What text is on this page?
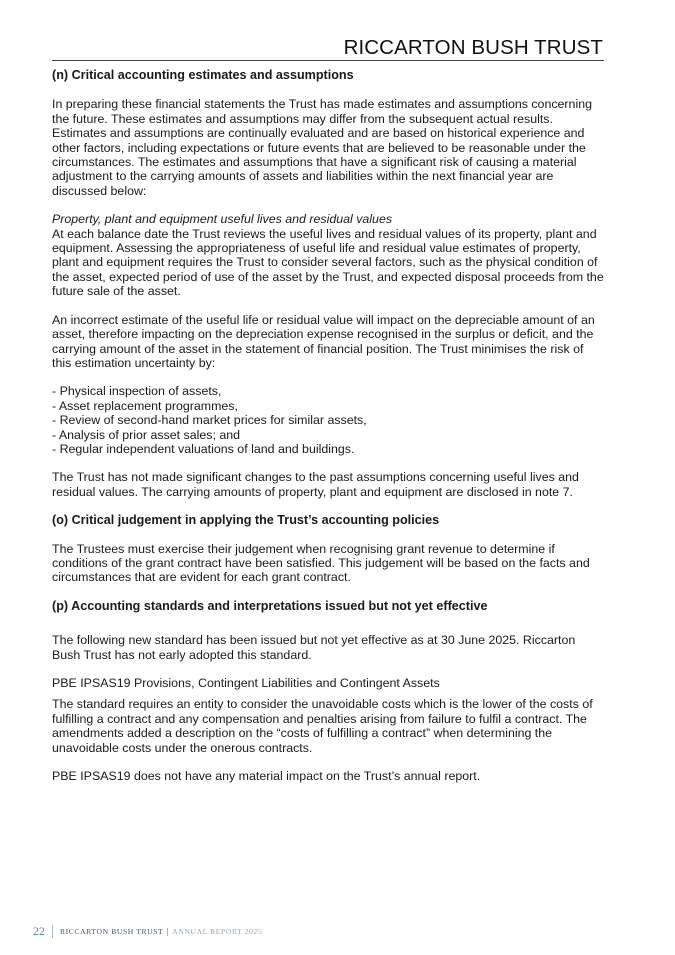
RICCARTON BUSH TRUST

(n) Critical accounting estimates and assumptions

In preparing these financial statements the Trust has made estimates and assumptions concerning the future. These estimates and assumptions may differ from the subsequent actual results. Estimates and assumptions are continually evaluated and are based on historical experience and other factors, including expectations or future events that are believed to be reasonable under the circumstances. The estimates and assumptions that have a significant risk of causing a material adjustment to the carrying amounts of assets and liabilities within the next financial year are discussed below:

Property, plant and equipment useful lives and residual values

At each balance date the Trust reviews the useful lives and residual values of its property, plant and equipment. Assessing the appropriateness of useful life and residual value estimates of property, plant and equipment requires the Trust to consider several factors, such as the physical condition of the asset, expected period of use of the asset by the Trust, and expected disposal proceeds from the future sale of the asset.

An incorrect estimate of the useful life or residual value will impact on the depreciable amount of an asset, therefore impacting on the depreciation expense recognised in the surplus or deficit, and the carrying amount of the asset in the statement of financial position. The Trust minimises the risk of this estimation uncertainty by:

- Physical inspection of assets,
- Asset replacement programmes,
- Review of second-hand market prices for similar assets,
- Analysis of prior asset sales; and
- Regular independent valuations of land and buildings.

The Trust has not made significant changes to the past assumptions concerning useful lives and residual values. The carrying amounts of property, plant and equipment are disclosed in note 7.

(o) Critical judgement in applying the Trust’s accounting policies

The Trustees must exercise their judgement when recognising grant revenue to determine if conditions of the grant contract have been satisfied. This judgement will be based on the facts and circumstances that are evident for each grant contract.

(p) Accounting standards and interpretations issued but not yet effective

The following new standard has been issued but not yet effective as at 30 June 2025. Riccarton Bush Trust has not early adopted this standard.

PBE IPSAS19 Provisions, Contingent Liabilities and Contingent Assets

The standard requires an entity to consider the unavoidable costs which is the lower of the costs of fulfilling a contract and any compensation and penalties arising from failure to fulfil a contract. The amendments added a description on the “costs of fulfilling a contract” when determining the unavoidable costs under the onerous contracts.

PBE IPSAS19 does not have any material impact on the Trust’s annual report.

22 RICCARTON BUSH TRUST ANNUAL REPORT 2025
